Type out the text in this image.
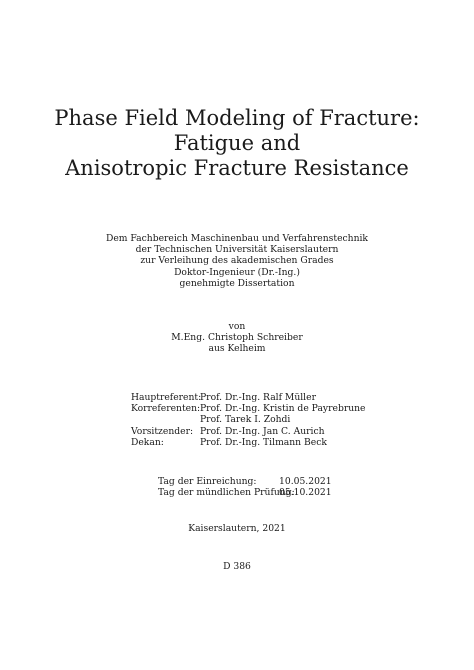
Phase Field Modeling of Fracture:
Fatigue and
Anisotropic Fracture Resistance
Dem Fachbereich Maschinenbau und Verfahrenstechnik
der Technischen Universität Kaiserslautern
zur Verleihung des akademischen Grades
Doktor-Ingenieur (Dr.-Ing.)
genehmigte Dissertation
von
M.Eng. Christoph Schreiber
aus Kelheim
Hauptreferent:
Prof. Dr.-Ing. Ralf Müller
Korreferenten: Prof. Dr.-Ing. Kristin de Payrebrune
Prof. Tarek I. Zohdi
Vorsitzender: Prof. Dr.-Ing. Jan C. Aurich
Dekan:	Prof. Dr.-Ing. Tilmann Beck
Tag der Einreichung:	10.05.2021
Tag der mündlichen Prüfung:
05.10.2021
Kaiserslautern, 2021
D 386
